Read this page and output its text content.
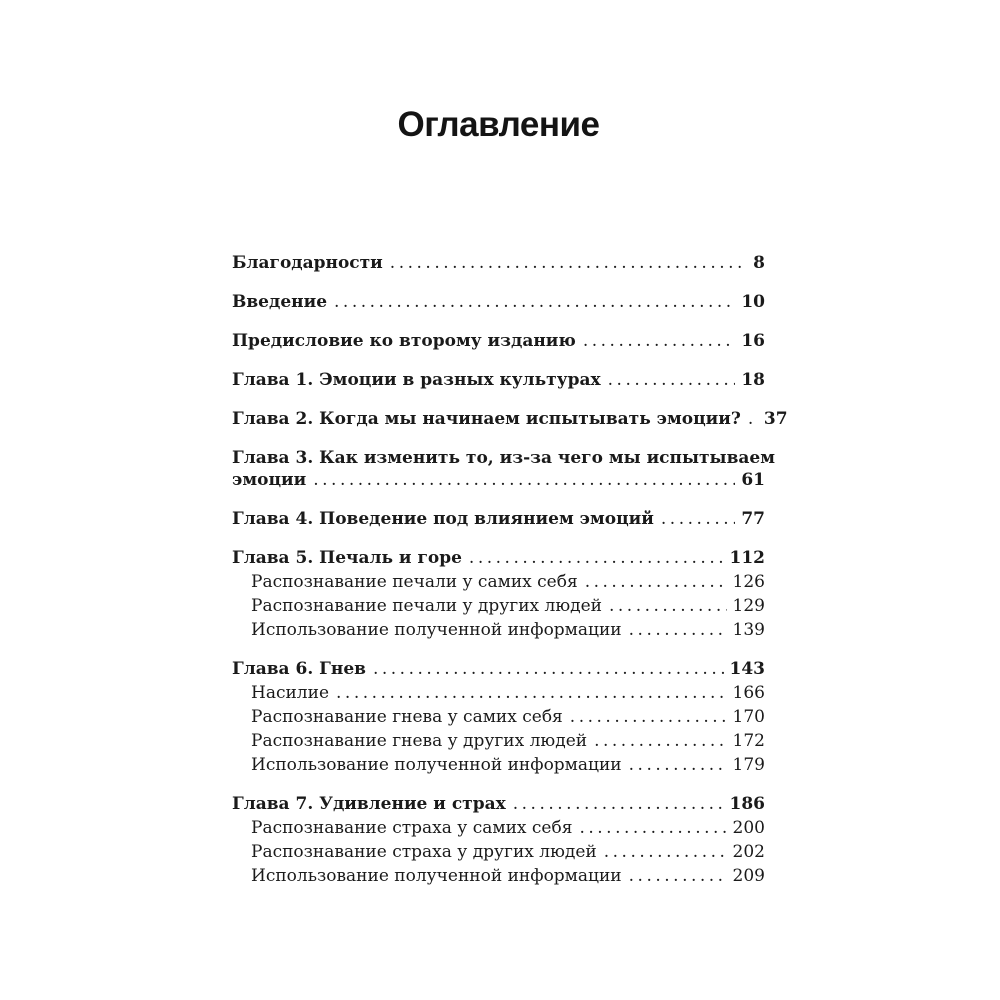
Оглавление
Благодарности .....	8
Введение .....	10
Предисловие ко второму изданию .....	16
Глава 1. Эмоции в разных культурах .....	18
Глава 2. Когда мы начинаем испытывать эмоции? ..... 37
Глава 3. Как изменить то, из-за чего мы испытываем
эмоции .....	61
Глава 4. Поведение под влиянием эмоций .....	77
Глава 5. Печаль и горе .....	112
Распознавание печали у самих себя .....	126
Распознавание печали у других людей .....	129
Использование полученной информации .....	139
Глава 6. Гнев .....	143
Насилие .....	166
Распознавание гнева у самих себя .....	170
Распознавание гнева у других людей .....	172
Использование полученной информации .....	179
Глава 7. Удивление и страх .....	186
Распознавание страха у самих себя .....	200
Распознавание страха у других людей .....	202
Использование полученной информации .....	209
